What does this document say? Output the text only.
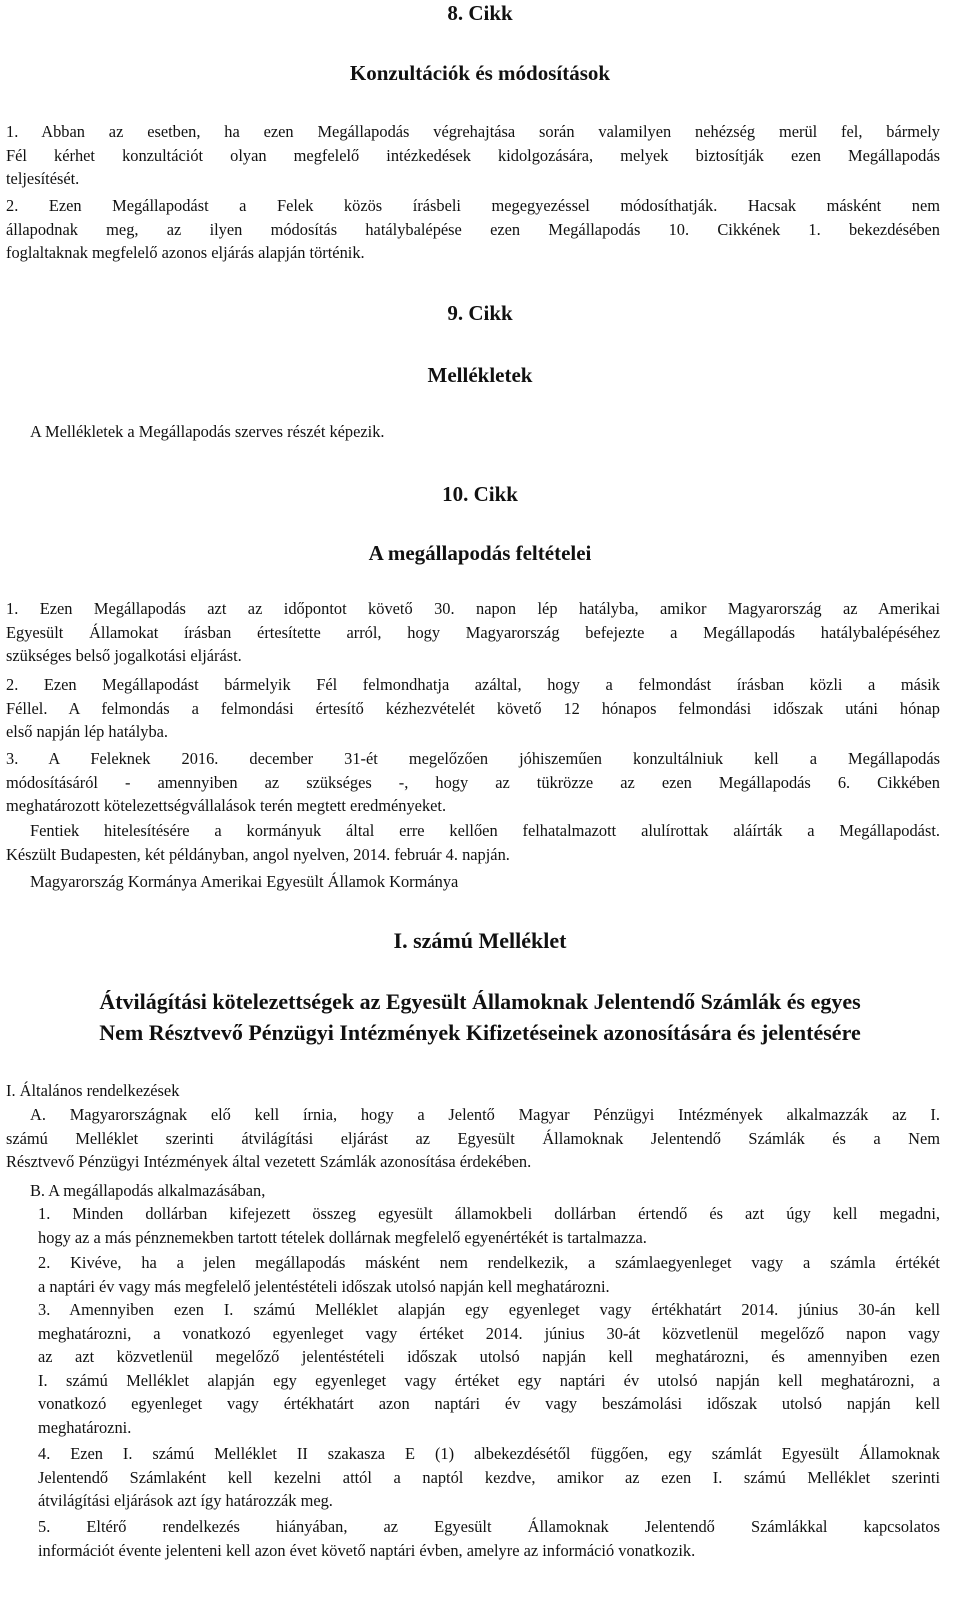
8. Cikk
Konzultációk és módosítások
1. Abban az esetben, ha ezen Megállapodás végrehajtása során valamilyen nehézség merül fel, bármely
Fél kérhet konzultációt olyan megfelelő intézkedések kidolgozására, melyek biztosítják ezen Megállapodás
teljesítését.
2. Ezen Megállapodást a Felek közös írásbeli megegyezéssel módosíthatják. Hacsak másként nem
állapodnak meg, az ilyen módosítás hatálybalépése ezen Megállapodás 10. Cikkének 1. bekezdésében
foglaltaknak megfelelő azonos eljárás alapján történik.
9. Cikk
Mellékletek
A Mellékletek a Megállapodás szerves részét képezik.
10. Cikk
A megállapodás feltételei
1. Ezen Megállapodás azt az időpontot követő 30. napon lép hatályba, amikor Magyarország az Amerikai
Egyesült Államokat írásban értesítette arról, hogy Magyarország befejezte a Megállapodás hatálybalépéséhez
szükséges belső jogalkotási eljárást.
2. Ezen Megállapodást bármelyik Fél felmondhatja azáltal, hogy a felmondást írásban közli a másik
Féllel. A felmondás a felmondási értesítő kézhezvételét követő 12 hónapos felmondási időszak utáni hónap
első napján lép hatályba.
3. A Feleknek 2016. december 31-ét megelőzően jóhiszeműen konzultálniuk kell a Megállapodás
módosításáról - amennyiben az szükséges -, hogy az tükrözze az ezen Megállapodás 6. Cikkében
meghatározott kötelezettségvállalások terén megtett eredményeket.
Fentiek hitelesítésére a kormányuk által erre kellően felhatalmazott alulírottak aláírták a Megállapodást.
Készült Budapesten, két példányban, angol nyelven, 2014. február 4. napján.
Magyarország Kormánya Amerikai Egyesült Államok Kormánya
I. számú Melléklet
Átvilágítási kötelezettségek az Egyesült Államoknak Jelentendő Számlák és egyes
Nem Résztvevő Pénzügyi Intézmények Kifizetéseinek azonosítására és jelentésére
I. Általános rendelkezések
A. Magyarországnak elő kell írnia, hogy a Jelentő Magyar Pénzügyi Intézmények alkalmazzák az I.
számú Melléklet szerinti átvilágítási eljárást az Egyesült Államoknak Jelentendő Számlák és a Nem
Résztvevő Pénzügyi Intézmények által vezetett Számlák azonosítása érdekében.
B. A megállapodás alkalmazásában,
1. Minden dollárban kifejezett összeg egyesült államokbeli dollárban értendő és azt úgy kell megadni,
hogy az a más pénznemekben tartott tételek dollárnak megfelelő egyenértékét is tartalmazza.
2. Kivéve, ha a jelen megállapodás másként nem rendelkezik, a számlaegyenleget vagy a számla értékét
a naptári év vagy más megfelelő jelentéstételi időszak utolsó napján kell meghatározni.
3. Amennyiben ezen I. számú Melléklet alapján egy egyenleget vagy értékhatárt 2014. június 30-án kell
meghatározni, a vonatkozó egyenleget vagy értéket 2014. június 30-át közvetlenül megelőző napon vagy
az azt közvetlenül megelőző jelentéstételi időszak utolsó napján kell meghatározni, és amennyiben ezen
I. számú Melléklet alapján egy egyenleget vagy értéket egy naptári év utolsó napján kell meghatározni, a
vonatkozó egyenleget vagy értékhatárt azon naptári év vagy beszámolási időszak utolsó napján kell
meghatározni.
4. Ezen I. számú Melléklet II szakasza E (1) albekezdésétől függően, egy számlát Egyesült Államoknak
Jelentendő Számlaként kell kezelni attól a naptól kezdve, amikor az ezen I. számú Melléklet szerinti
átvilágítási eljárások azt így határozzák meg.
5. Eltérő rendelkezés hiányában, az Egyesült Államoknak Jelentendő Számlákkal kapcsolatos
információt évente jelenteni kell azon évet követő naptári évben, amelyre az információ vonatkozik.
